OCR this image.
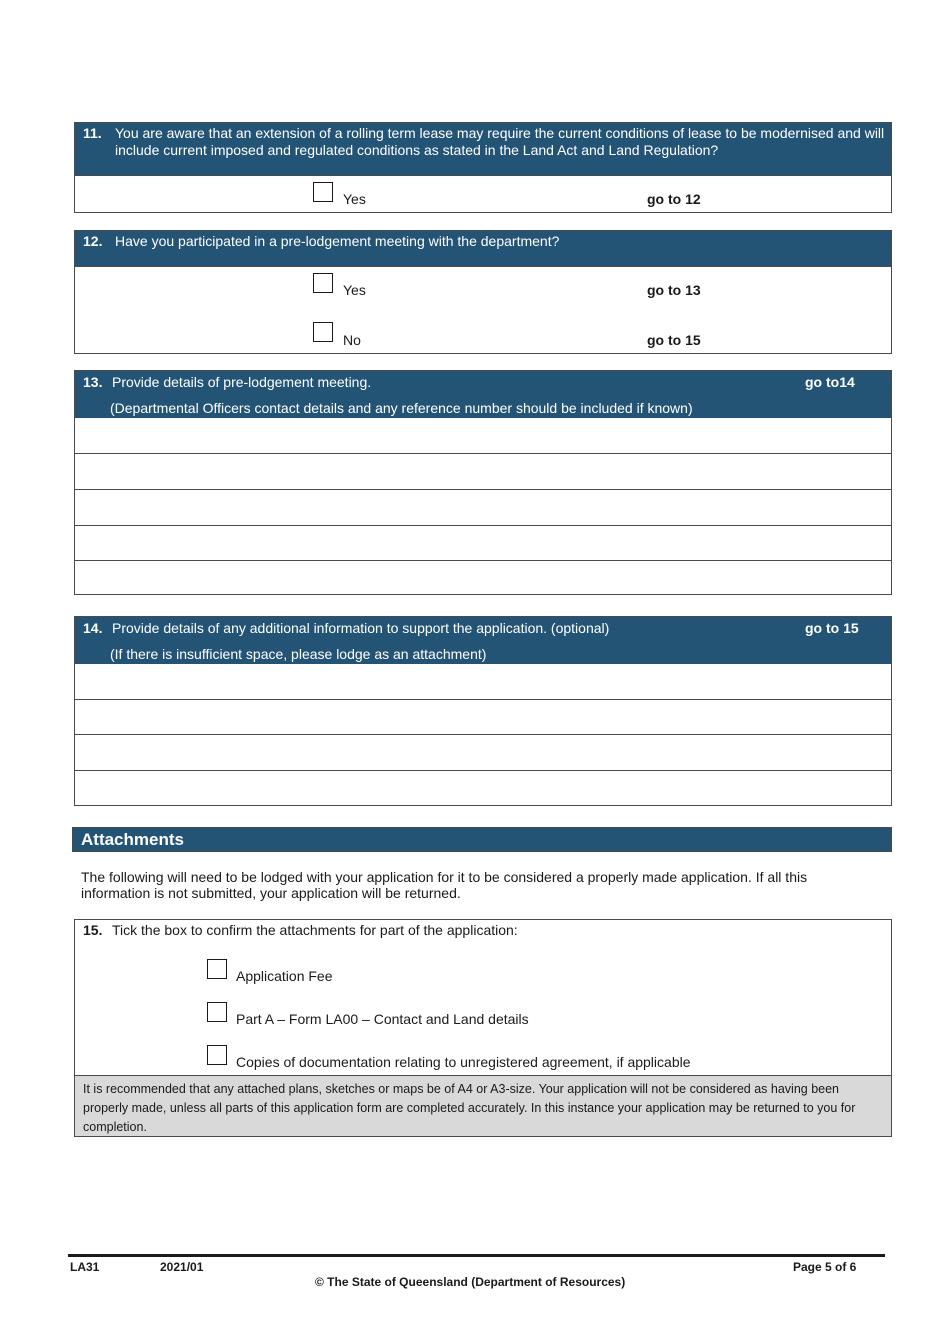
11. You are aware that an extension of a rolling term lease may require the current conditions of lease to be modernised and will include current imposed and regulated conditions as stated in the Land Act and Land Regulation?
Yes	go to 12
12. Have you participated in a pre-lodgement meeting with the department?
Yes	go to 13
No	go to 15
13. Provide details of pre-lodgement meeting.	go to14
(Departmental Officers contact details and any reference number should be included if known)
14. Provide details of any additional information to support the application. (optional)	go to 15
(If there is insufficient space, please lodge as an attachment)
Attachments
The following will need to be lodged with your application for it to be considered a properly made application. If all this information is not submitted, your application will be returned.
15. Tick the box to confirm the attachments for part of the application:
Application Fee
Part A – Form LA00 – Contact and Land details
Copies of documentation relating to unregistered agreement, if applicable
It is recommended that any attached plans, sketches or maps be of A4 or A3-size. Your application will not be considered as having been properly made, unless all parts of this application form are completed accurately. In this instance your application may be returned to you for completion.
LA31	2021/01	Page 5 of 6
© The State of Queensland (Department of Resources)
